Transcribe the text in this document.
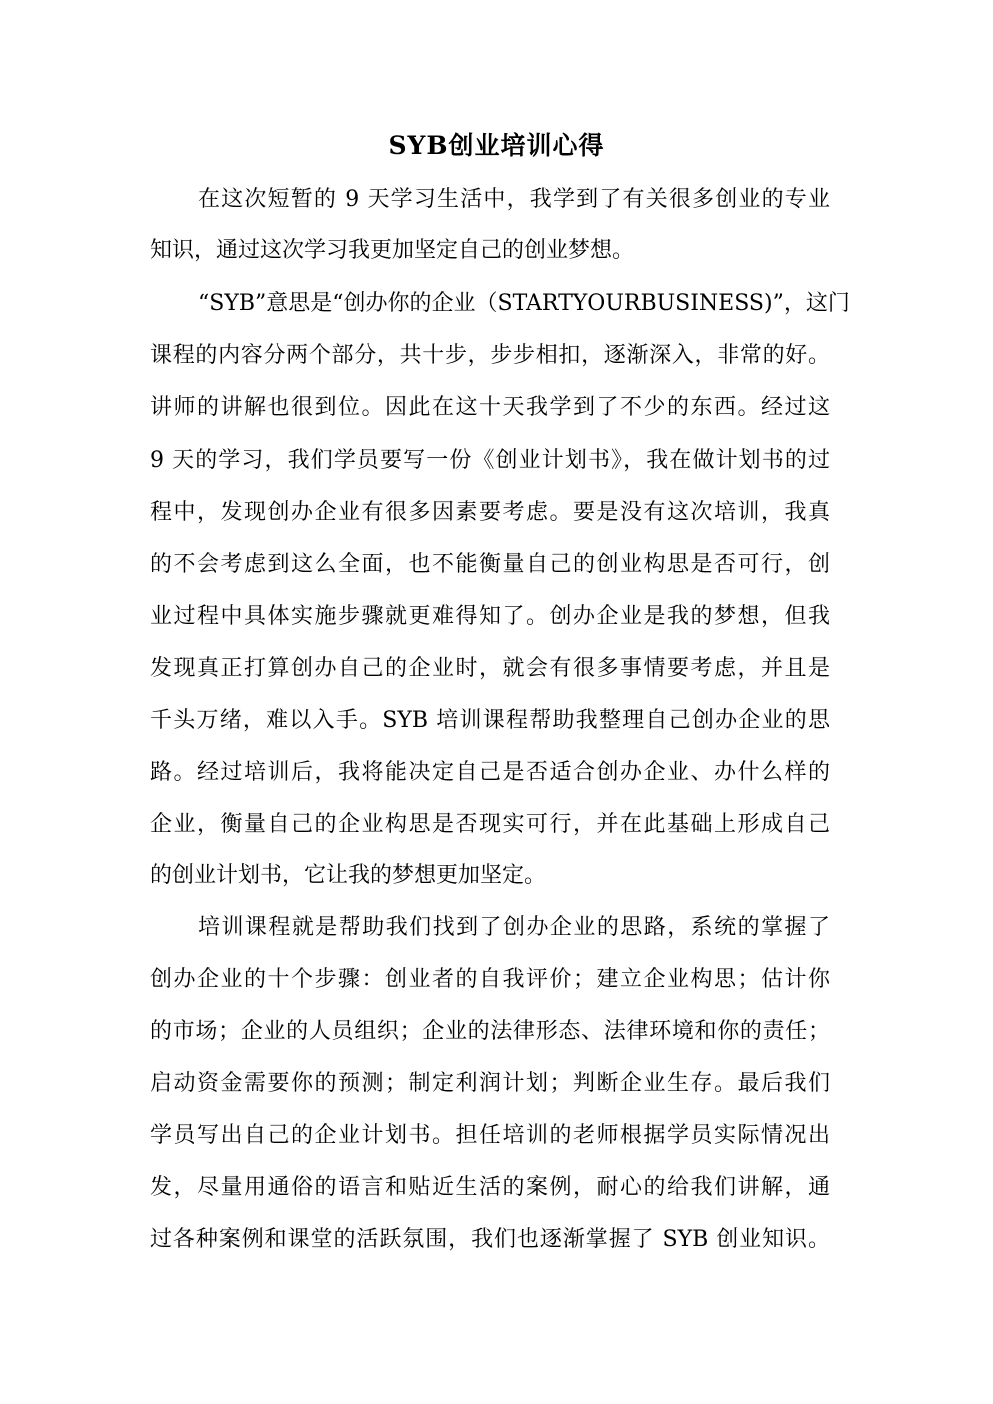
SYB创业培训心得
在这次短暂的 9 天学习生活中，我学到了有关很多创业的专业
知识，通过这次学习我更加坚定自己的创业梦想。
“SYB”意思是“创办你的企业（STARTYOURBUSINESS)”，这门
课程的内容分两个部分，共十步，步步相扣，逐渐深入，非常的好。
讲师的讲解也很到位。因此在这十天我学到了不少的东西。经过这
9 天的学习，我们学员要写一份《创业计划书》，我在做计划书的过
程中，发现创办企业有很多因素要考虑。要是没有这次培训，我真
的不会考虑到这么全面，也不能衡量自己的创业构思是否可行，创
业过程中具体实施步骤就更难得知了。创办企业是我的梦想，但我
发现真正打算创办自己的企业时，就会有很多事情要考虑，并且是
千头万绪，难以入手。SYB 培训课程帮助我整理自己创办企业的思
路。经过培训后，我将能决定自己是否适合创办企业、办什么样的
企业，衡量自己的企业构思是否现实可行，并在此基础上形成自己
的创业计划书，它让我的梦想更加坚定。
培训课程就是帮助我们找到了创办企业的思路，系统的掌握了
创办企业的十个步骤：创业者的自我评价；建立企业构思；估计你
的市场；企业的人员组织；企业的法律形态、法律环境和你的责任；
启动资金需要你的预测；制定利润计划；判断企业生存。最后我们
学员写出自己的企业计划书。担任培训的老师根据学员实际情况出
发，尽量用通俗的语言和贴近生活的案例，耐心的给我们讲解，通
过各种案例和课堂的活跃氛围，我们也逐渐掌握了 SYB 创业知识。
